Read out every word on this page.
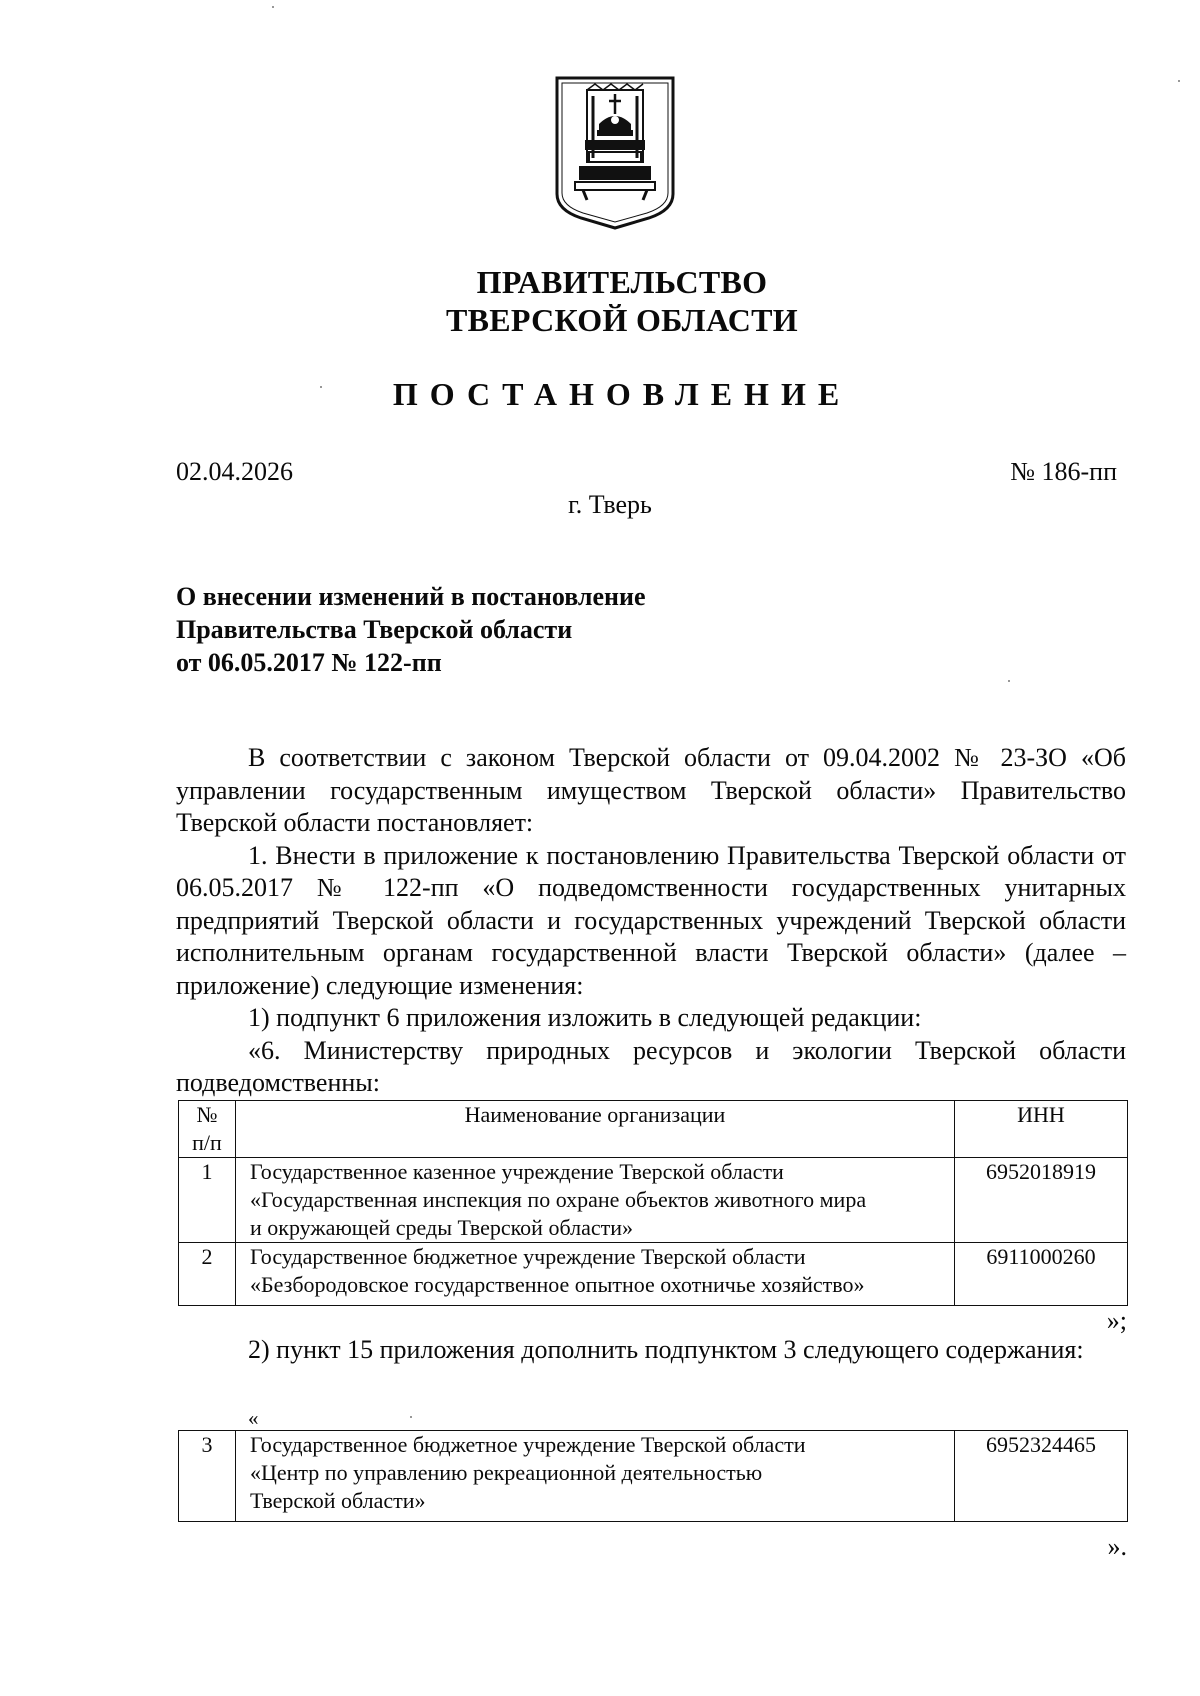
ПРАВИТЕЛЬСТВО
ТВЕРСКОЙ ОБЛАСТИ
ПОСТАНОВЛЕНИЕ
02.04.2026	№ 186-пп
г. Тверь
О внесении изменений в постановление
Правительства Тверской области
от 06.05.2017 № 122-пп

В соответствии с законом Тверской области от 09.04.2002 № 23-ЗО «Об управлении государственным имуществом Тверской области» Правительство Тверской области постановляет:

1. Внести в приложение к постановлению Правительства Тверской области от 06.05.2017 № 122-пп «О подведомственности государственных унитарных предприятий Тверской области и государственных учреждений Тверской области исполнительным органам государственной власти Тверской области» (далее – приложение) следующие изменения:

1) подпункт 6 приложения изложить в следующей редакции:

«6. Министерству природных ресурсов и экологии Тверской области подведомственны:

№
п/п	Наименование организации	ИНН
1	Государственное казенное учреждение Тверской области
«Государственная инспекция по охране объектов животного мира
и окружающей среды Тверской области»	6952018919
2	Государственное бюджетное учреждение Тверской области
«Безбородовское государственное опытное охотничье хозяйство»	6911000260
»;

2) пункт 15 приложения дополнить подпунктом 3 следующего содержания:

«
3	Государственное бюджетное учреждение Тверской области
«Центр по управлению рекреационной деятельностью
Тверской области»
	6952324465
».
